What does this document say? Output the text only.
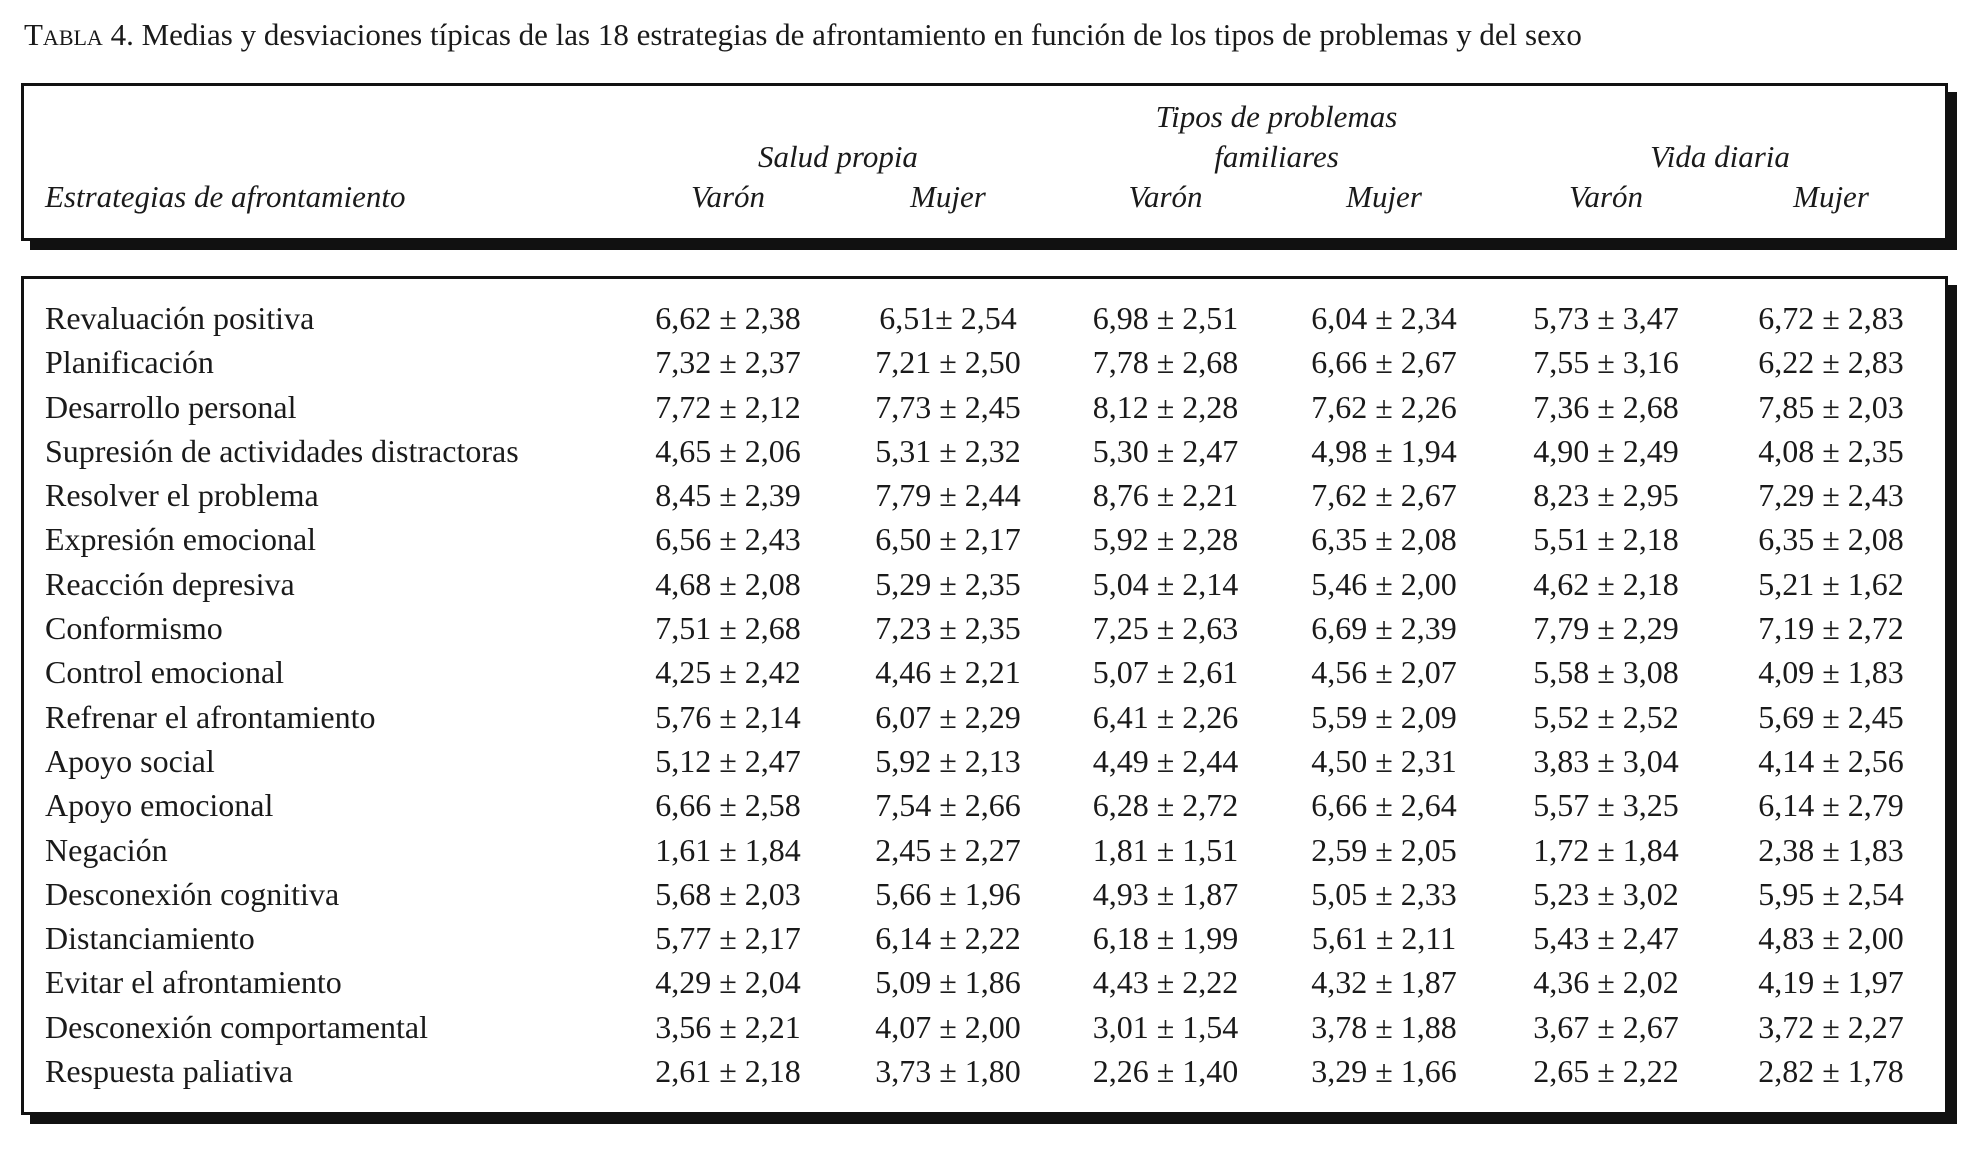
Tabla 4. Medias y desviaciones típicas de las 18 estrategias de afrontamiento en función de los tipos de problemas y del sexo
			Tipos de problemas			
	Salud propia		familiares		Vida diaria	
Estrategias de afrontamiento	Varón	Mujer	Varón	Mujer	Varón	Mujer
Revaluación positiva	6,62 ± 2,38	6,51± 2,54	6,98 ± 2,51	6,04 ± 2,34	5,73 ± 3,47	6,72 ± 2,83
Planificación	7,32 ± 2,37	7,21 ± 2,50	7,78 ± 2,68	6,66 ± 2,67	7,55 ± 3,16	6,22 ± 2,83
Desarrollo personal	7,72 ± 2,12	7,73 ± 2,45	8,12 ± 2,28	7,62 ± 2,26	7,36 ± 2,68	7,85 ± 2,03
Supresión de actividades distractoras	4,65 ± 2,06	5,31 ± 2,32	5,30 ± 2,47	4,98 ± 1,94	4,90 ± 2,49	4,08 ± 2,35
Resolver el problema	8,45 ± 2,39	7,79 ± 2,44	8,76 ± 2,21	7,62 ± 2,67	8,23 ± 2,95	7,29 ± 2,43
Expresión emocional	6,56 ± 2,43	6,50 ± 2,17	5,92 ± 2,28	6,35 ± 2,08	5,51 ± 2,18	6,35 ± 2,08
Reacción depresiva	4,68 ± 2,08	5,29 ± 2,35	5,04 ± 2,14	5,46 ± 2,00	4,62 ± 2,18	5,21 ± 1,62
Conformismo	7,51 ± 2,68	7,23 ± 2,35	7,25 ± 2,63	6,69 ± 2,39	7,79 ± 2,29	7,19 ± 2,72
Control emocional	4,25 ± 2,42	4,46 ± 2,21	5,07 ± 2,61	4,56 ± 2,07	5,58 ± 3,08	4,09 ± 1,83
Refrenar el afrontamiento	5,76 ± 2,14	6,07 ± 2,29	6,41 ± 2,26	5,59 ± 2,09	5,52 ± 2,52	5,69 ± 2,45
Apoyo social	5,12 ± 2,47	5,92 ± 2,13	4,49 ± 2,44	4,50 ± 2,31	3,83 ± 3,04	4,14 ± 2,56
Apoyo emocional	6,66 ± 2,58	7,54 ± 2,66	6,28 ± 2,72	6,66 ± 2,64	5,57 ± 3,25	6,14 ± 2,79
Negación	1,61 ± 1,84	2,45 ± 2,27	1,81 ± 1,51	2,59 ± 2,05	1,72 ± 1,84	2,38 ± 1,83
Desconexión cognitiva	5,68 ± 2,03	5,66 ± 1,96	4,93 ± 1,87	5,05 ± 2,33	5,23 ± 3,02	5,95 ± 2,54
Distanciamiento	5,77 ± 2,17	6,14 ± 2,22	6,18 ± 1,99	5,61 ± 2,11	5,43 ± 2,47	4,83 ± 2,00
Evitar el afrontamiento	4,29 ± 2,04	5,09 ± 1,86	4,43 ± 2,22	4,32 ± 1,87	4,36 ± 2,02	4,19 ± 1,97
Desconexión comportamental	3,56 ± 2,21	4,07 ± 2,00	3,01 ± 1,54	3,78 ± 1,88	3,67 ± 2,67	3,72 ± 2,27
Respuesta paliativa	2,61 ± 2,18	3,73 ± 1,80	2,26 ± 1,40	3,29 ± 1,66	2,65 ± 2,22	2,82 ± 1,78
